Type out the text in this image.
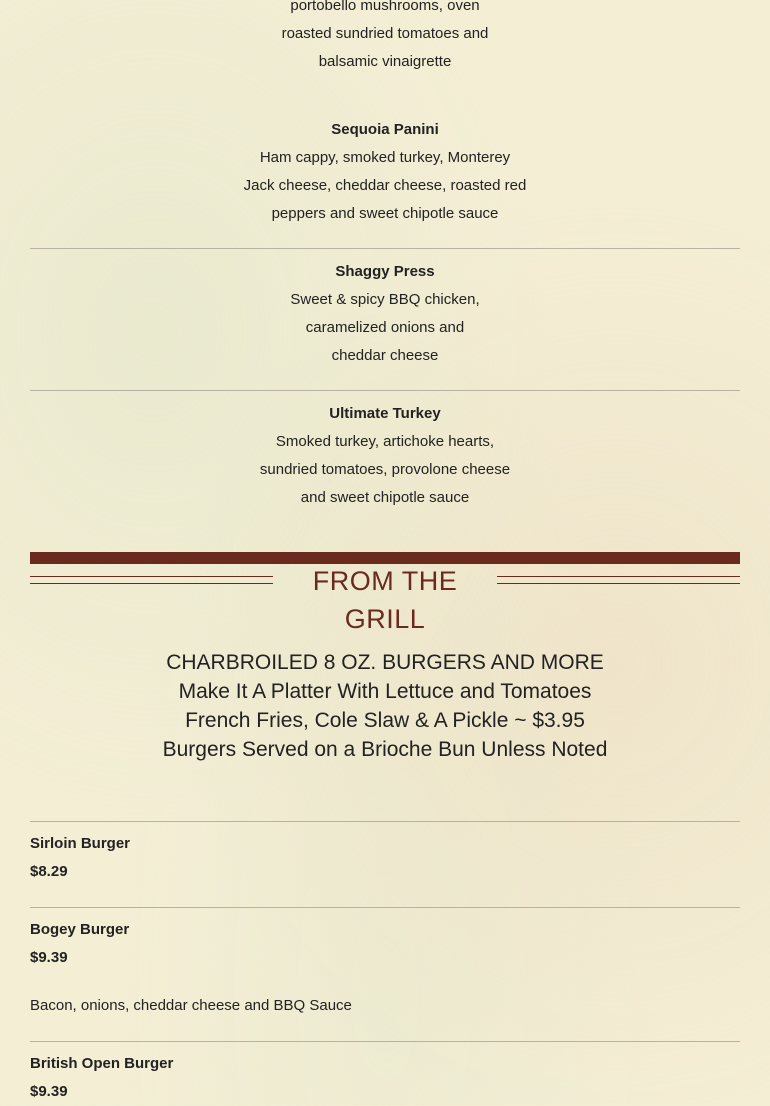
portobello mushrooms, oven
roasted sundried tomatoes and
balsamic vinaigrette
Sequoia Panini
Ham cappy, smoked turkey, Monterey
Jack cheese, cheddar cheese, roasted red
peppers and sweet chipotle sauce
Shaggy Press
Sweet & spicy BBQ chicken,
caramelized onions and
cheddar cheese
Ultimate Turkey
Smoked turkey, artichoke hearts,
sundried tomatoes, provolone cheese
and sweet chipotle sauce
FROM THE GRILL
CHARBROILED 8 OZ. BURGERS AND MORE
Make It A Platter With Lettuce and Tomatoes
French Fries, Cole Slaw & A Pickle ~ $3.95
Burgers Served on a Brioche Bun Unless Noted
Sirloin Burger
$8.29
Bogey Burger
$9.39
Bacon, onions, cheddar cheese and BBQ Sauce
British Open Burger
$9.39
